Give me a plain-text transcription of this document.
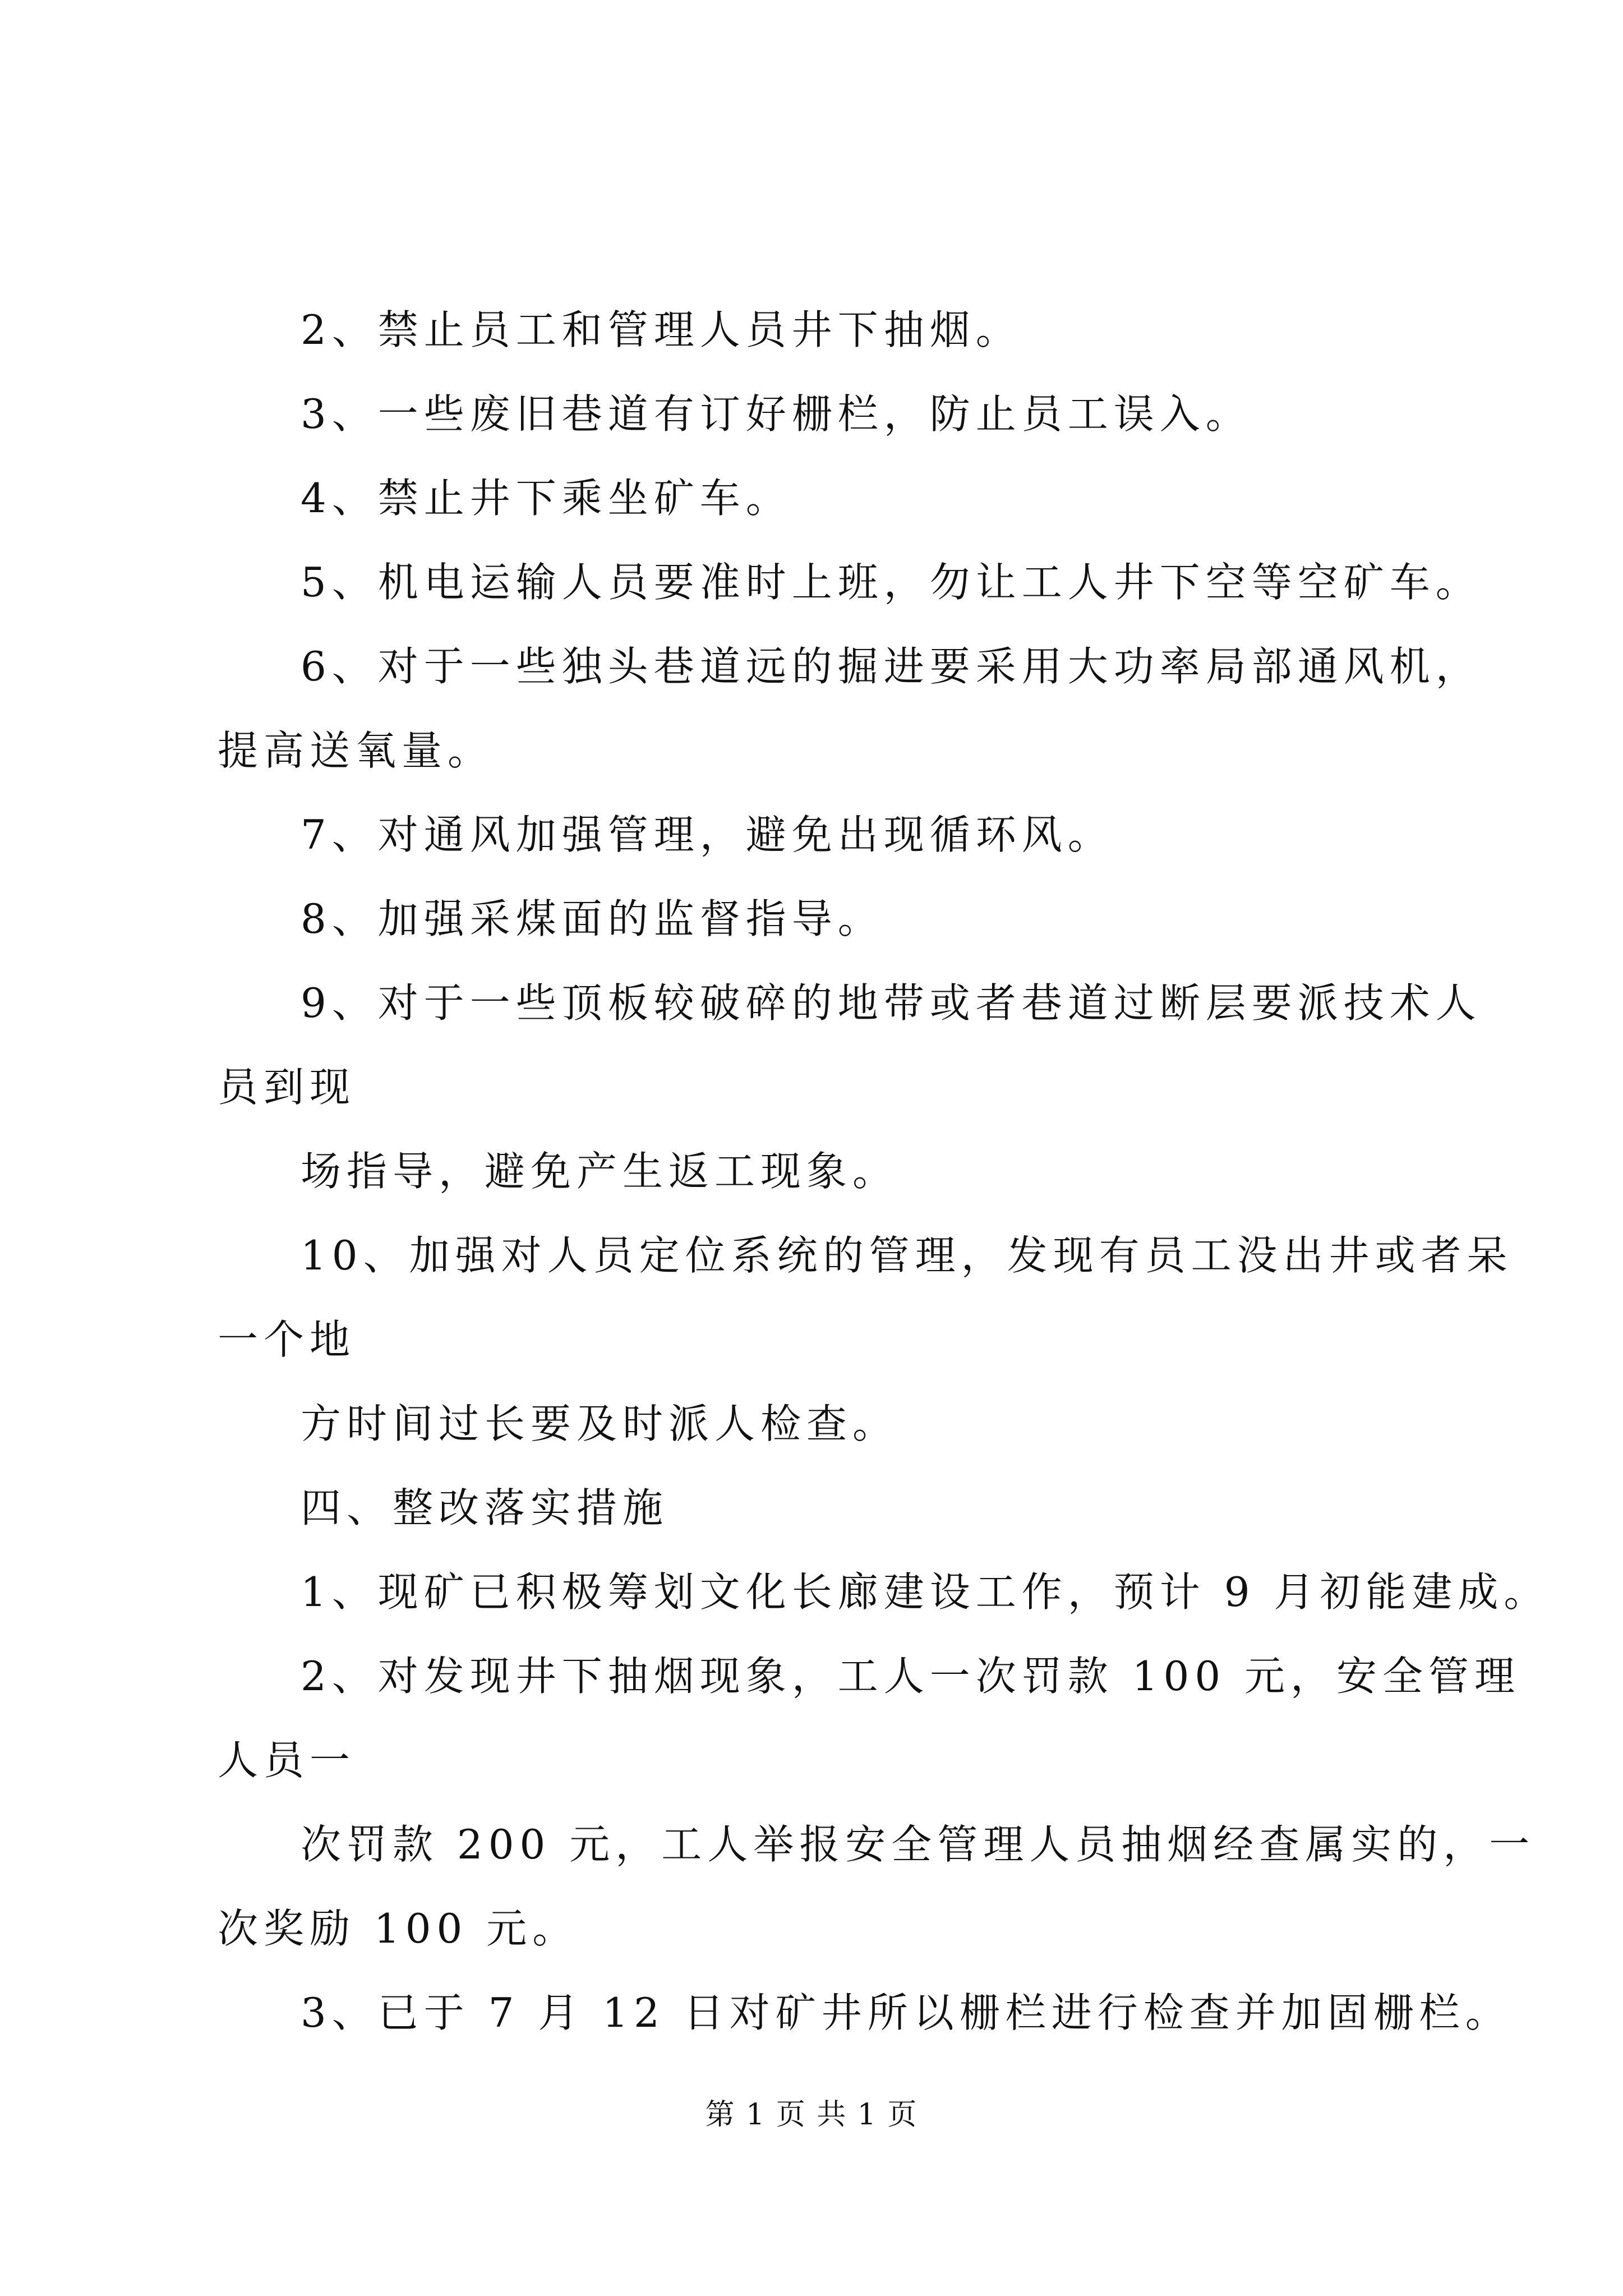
2、禁止员工和管理人员井下抽烟。
3、一些废旧巷道有订好栅栏，防止员工误入。
4、禁止井下乘坐矿车。
5、机电运输人员要准时上班，勿让工人井下空等空矿车。
6、对于一些独头巷道远的掘进要采用大功率局部通风机，
提高送氧量。
7、对通风加强管理，避免出现循环风。
8、加强采煤面的监督指导。
9、对于一些顶板较破碎的地带或者巷道过断层要派技术人
员到现
场指导，避免产生返工现象。
10、加强对人员定位系统的管理，发现有员工没出井或者呆
一个地
方时间过长要及时派人检查。
四、整改落实措施
1、现矿已积极筹划文化长廊建设工作，预计 9 月初能建成。
2、对发现井下抽烟现象，工人一次罚款 100 元，安全管理
人员一
次罚款 200 元，工人举报安全管理人员抽烟经查属实的，一
次奖励 100 元。
3、已于 7 月 12 日对矿井所以栅栏进行检查并加固栅栏。
第 1 页 共 1 页
